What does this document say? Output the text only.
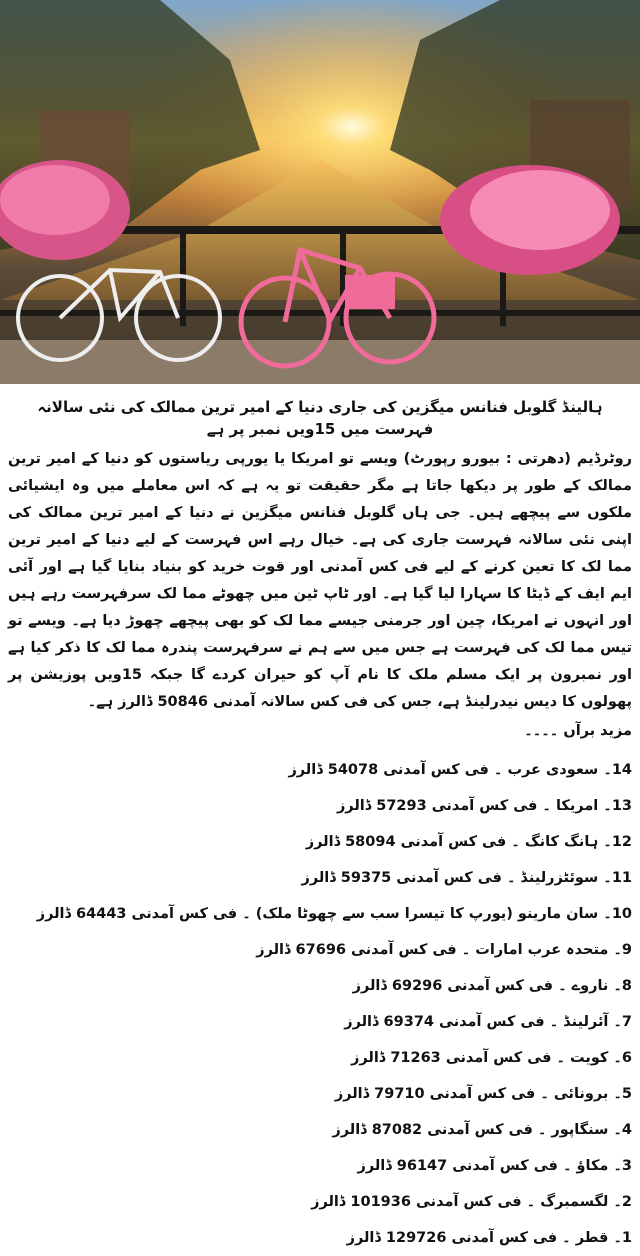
ہالینڈ گلوبل فنانس میگزین کی جاری دنیا کے امیر ترین ممالک کی نئی سالانہ فہرست میں 15ویں نمبر پر ہے

روٹرڈیم (دھرتی : بیورو رپورٹ) ویسے تو امریکا یا یورپی ریاستوں کو دنیا کے امیر ترین ممالک کے طور پر دیکھا جاتا ہے مگر حقیقت تو یہ ہے کہ اس معاملے میں وہ ایشیائی ملکوں سے پیچھے ہیں۔ جی ہاں گلوبل فنانس میگزین نے دنیا کے امیر ترین ممالک کی اپنی نئی سالانہ فہرست جاری کی ہے۔ خیال رہے اس فہرست کے لیے دنیا کے امیر ترین مما لک کا تعین کرنے کے لیے فی کس آمدنی اور قوت خرید کو بنیاد بنایا گیا ہے اور آئی ایم ایف کے ڈیٹا کا سہارا لیا گیا ہے۔ اور ٹاپ ٹین میں چھوٹے مما لک سرفہرست رہے ہیں اور انہوں نے امریکا، چین اور جرمنی جیسے مما لک کو بھی پیچھے چھوڑ دیا ہے۔ ویسے تو تیس مما لک کی فہرست ہے جس میں سے ہم نے سرفہرست پندرہ مما لک کا ذکر کیا ہے اور نمبرون پر ایک مسلم ملک کا نام آپ کو حیران کردے گا جبکہ 15ویں پوزیشن پر پھولوں کا دیس نیدرلینڈ ہے، جس کی فی کس سالانہ آمدنی 50846 ڈالرز ہے۔

مزید برآں ۔۔۔۔
14۔ سعودی عرب ۔ فی کس آمدنی 54078 ڈالرز
13۔ امریکا ۔ فی کس آمدنی 57293 ڈالرز
12۔ ہانگ کانگ ۔ فی کس آمدنی 58094 ڈالرز
11۔ سوئٹزرلینڈ ۔ فی کس آمدنی 59375 ڈالرز
10۔ سان مارینو (یورپ کا تیسرا سب سے چھوٹا ملک) ۔ فی کس آمدنی 64443 ڈالرز
9۔ متحدہ عرب امارات ۔ فی کس آمدنی 67696 ڈالرز
8۔ ناروے ۔ فی کس آمدنی 69296 ڈالرز
7۔ آئرلینڈ ۔ فی کس آمدنی 69374 ڈالرز
6۔ کویت ۔ فی کس آمدنی 71263 ڈالرز
5۔ برونائی ۔ فی کس آمدنی 79710 ڈالرز
4۔ سنگاپور ۔ فی کس آمدنی 87082 ڈالرز
3۔ مکاؤ ۔ فی کس آمدنی 96147 ڈالرز
2۔ لگسمبرگ ۔ فی کس آمدنی 101936 ڈالرز
1۔ قطر ۔ فی کس آمدنی 129726 ڈالرز
